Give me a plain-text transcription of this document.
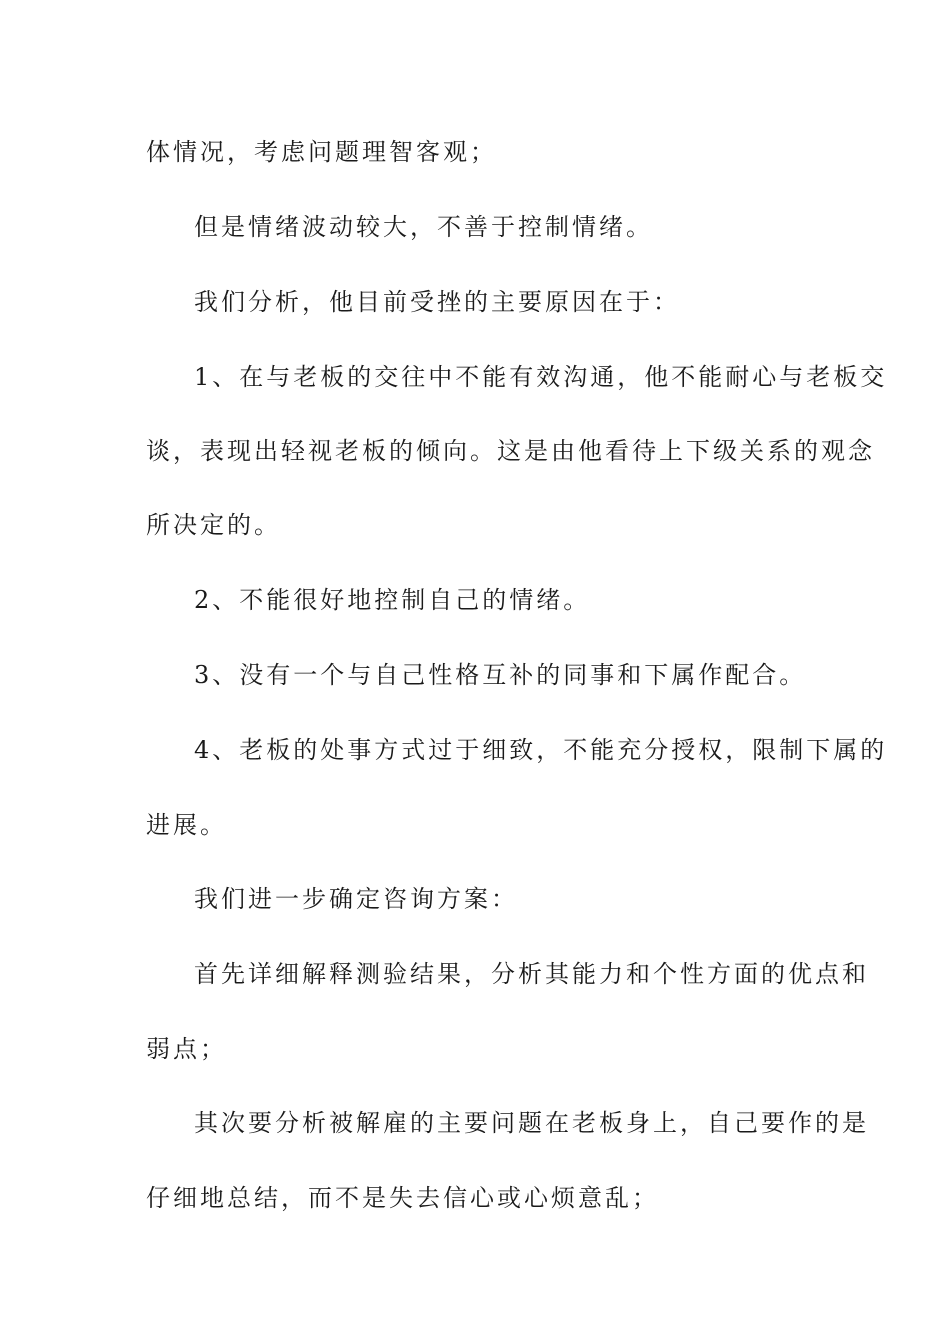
体情况，考虑问题理智客观；

但是情绪波动较大，不善于控制情绪。

我们分析，他目前受挫的主要原因在于：

1、在与老板的交往中不能有效沟通，他不能耐心与老板交

谈，表现出轻视老板的倾向。这是由他看待上下级关系的观念

所决定的。

2、不能很好地控制自己的情绪。

3、没有一个与自己性格互补的同事和下属作配合。

4、老板的处事方式过于细致，不能充分授权，限制下属的

进展。

我们进一步确定咨询方案：

首先详细解释测验结果，分析其能力和个性方面的优点和

弱点；

其次要分析被解雇的主要问题在老板身上，自己要作的是

仔细地总结，而不是失去信心或心烦意乱；
